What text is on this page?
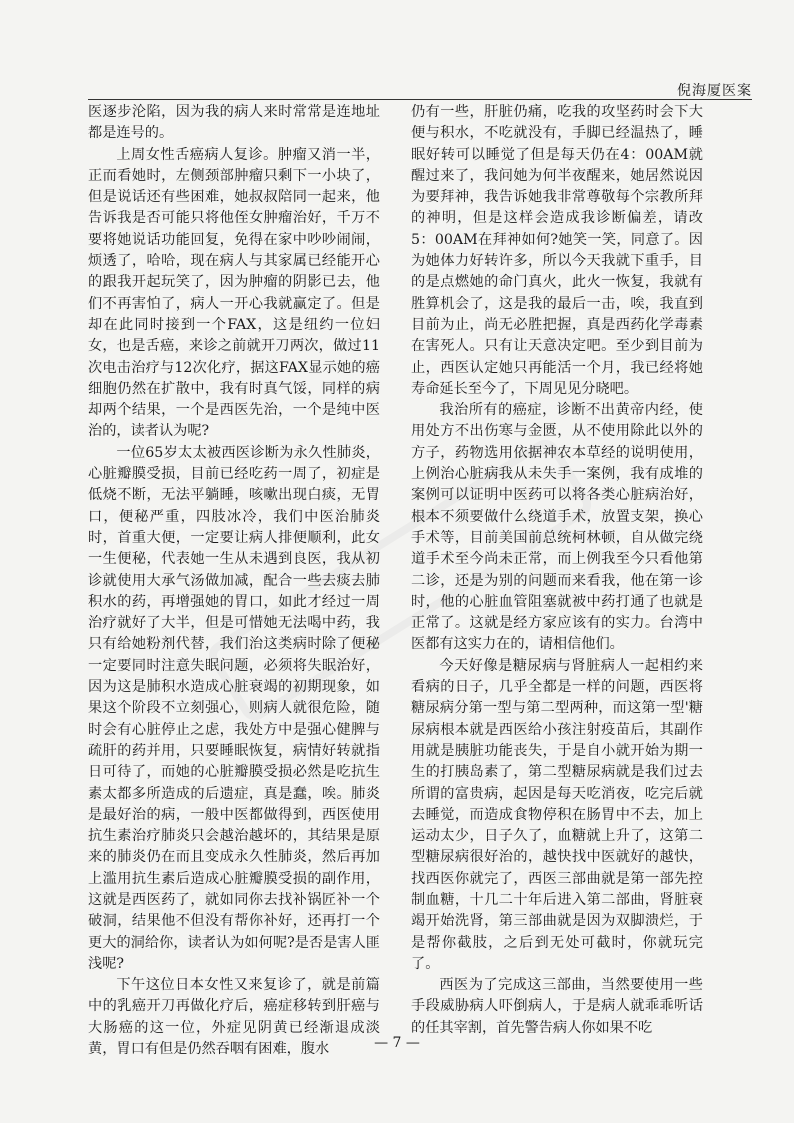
倪海厦医案

医逐步沦陷，因为我的病人来时常常是连地址都是连号的。

上周女性舌癌病人复诊。肿瘤又消一半，正而看她时，左侧颈部肿瘤只剩下一小块了，但是说话还有些困难，她叔叔陪同一起来，他告诉我是否可能只将他侄女肿瘤治好，千万不要将她说话功能回复，免得在家中吵吵闹闹，烦透了，哈哈，现在病人与其家属已经能开心的跟我开起玩笑了，因为肿瘤的阴影已去，他们不再害怕了，病人一开心我就赢定了。但是却在此同时接到一个FAX，这是纽约一位妇女，也是舌癌，来诊之前就开刀两次，做过11次电击治疗与12次化疗，据这FAX显示她的癌细胞仍然在扩散中，我有时真气馁，同样的病却两个结果，一个是西医先治，一个是纯中医治的，读者认为呢?

一位65岁太太被西医诊断为永久性肺炎，心脏瓣膜受损，目前已经吃药一周了，初症是低烧不断，无法平躺睡，咳嗽出现白痰，无胃口，便秘严重，四肢冰冷，我们中医治肺炎时，首重大便，一定要让病人排便顺利，此女一生便秘，代表她一生从未遇到良医，我从初诊就使用大承气汤做加减，配合一些去痰去肺积水的药，再增强她的胃口，如此才经过一周治疗就好了大半，但是可惜她无法喝中药，我只有给她粉剂代替，我们治这类病时除了便秘一定要同时注意失眠问题，必须将失眠治好，因为这是肺积水造成心脏衰竭的初期现象，如果这个阶段不立刻强心，则病人就很危险，随时会有心脏停止之虑，我处方中是强心健脾与疏肝的药并用，只要睡眠恢复，病情好转就指日可待了，而她的心脏瓣膜受损必然是吃抗生素太都多所造成的后遗症，真是蠢，唉。肺炎是最好治的病，一般中医都做得到，西医使用抗生素治疗肺炎只会越治越坏的，其结果是原来的肺炎仍在而且变成永久性肺炎，然后再加上滥用抗生素后造成心脏瓣膜受损的副作用，这就是西医药了，就如同你去找补锅匠补一个破洞，结果他不但没有帮你补好，还再打一个更大的洞给你，读者认为如何呢?是否是害人匪浅呢?

下午这位日本女性又来复诊了，就是前篇中的乳癌开刀再做化疗后，癌症移转到肝癌与大肠癌的这一位，外症见阴黄已经渐退成淡黄，胃口有但是仍然吞咽有困难，腹水

仍有一些，肝脏仍痛，吃我的攻坚药时会下大便与积水，不吃就没有，手脚已经温热了，睡眠好转可以睡觉了但是每天仍在4：00AM就醒过来了，我问她为何半夜醒来，她居然说因为要拜神，我告诉她我非常尊敬每个宗教所拜的神明，但是这样会造成我诊断偏差，请改5：00AM在拜神如何?她笑一笑，同意了。因为她体力好转许多，所以今天我就下重手，目的是点燃她的命门真火，此火一恢复，我就有胜算机会了，这是我的最后一击，唉，我直到目前为止，尚无必胜把握，真是西药化学毒素在害死人。只有让天意决定吧。至少到目前为止，西医认定她只再能活一个月，我已经将她寿命延长至今了，下周见见分晓吧。

我治所有的癌症，诊断不出黄帝内经，使用处方不出伤寒与金匮，从不使用除此以外的方子，药物选用依据神农本草经的说明使用，上例治心脏病我从未失手一案例，我有成堆的案例可以证明中医药可以将各类心脏病治好，根本不须要做什么绕道手术，放置支架，换心手术等，目前美国前总统柯林顿，自从做完绕道手术至今尚未正常，而上例我至今只看他第二诊，还是为别的问题而来看我，他在第一诊时，他的心脏血管阻塞就被中药打通了也就是正常了。这就是经方家应该有的实力。台湾中医都有这实力在的，请相信他们。

今天好像是糖尿病与肾脏病人一起相约来看病的日子，几乎全都是一样的问题，西医将糖尿病分第一型与第二型两种，而这第一型'糖尿病根本就是西医给小孩注射疫苗后，其副作用就是胰脏功能丧失，于是自小就开始为期一生的打胰岛素了，第二型糖尿病就是我们过去所谓的富贵病，起因是每天吃消夜，吃完后就去睡觉，而造成食物停积在肠胃中不去，加上运动太少，日子久了，血糖就上升了，这第二型糖尿病很好治的，越快找中医就好的越快，找西医你就完了，西医三部曲就是第一部先控制血糖，十几二十年后进入第二部曲，肾脏衰竭开始洗肾，第三部曲就是因为双脚溃烂，于是帮你截肢，之后到无处可截时，你就玩完了。

西医为了完成这三部曲，当然要使用一些手段威胁病人吓倒病人，于是病人就乖乖听话的任其宰割，首先警告病人你如果不吃

— 7 —
